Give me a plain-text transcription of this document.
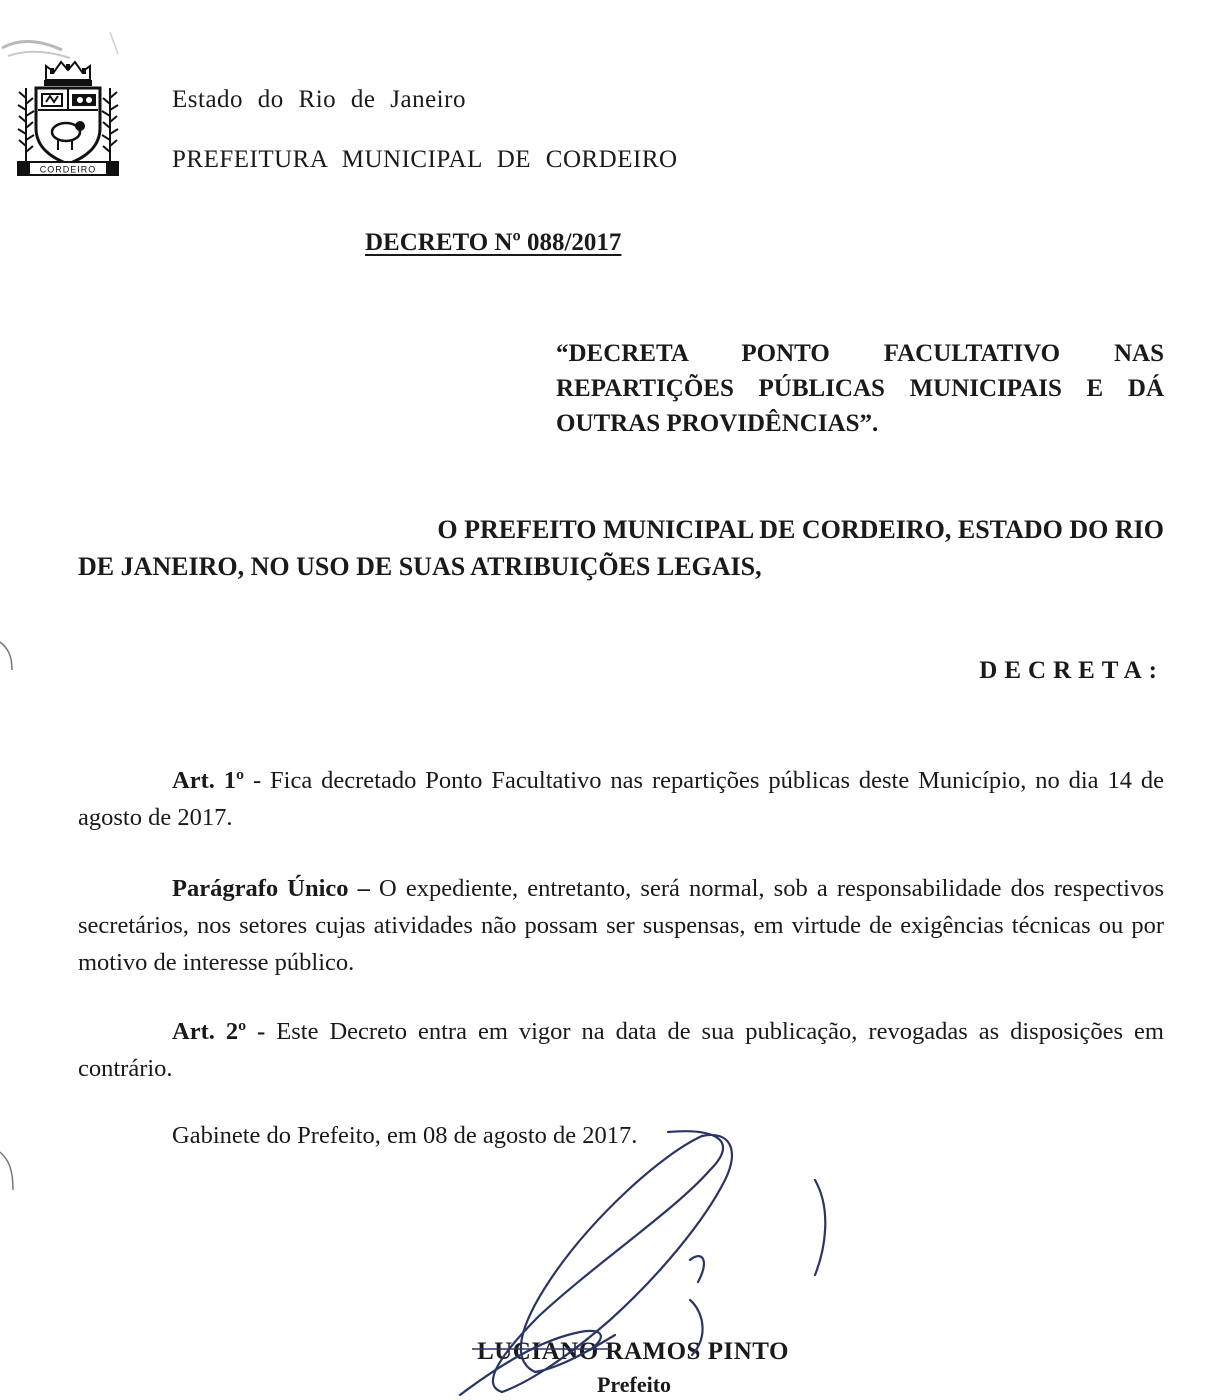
CORDEIRO
Estado do Rio de Janeiro
PREFEITURA MUNICIPAL DE CORDEIRO
DECRETO Nº 088/2017
“DECRETA PONTO FACULTATIVO NAS
REPARTIÇÕES PÚBLICAS MUNICIPAIS E DÁ
OUTRAS PROVIDÊNCIAS”.
O PREFEITO MUNICIPAL DE CORDEIRO, ESTADO DO RIO
DE JANEIRO, NO USO DE SUAS ATRIBUIÇÕES LEGAIS,
DECRETA:
Art. 1º - Fica decretado Ponto Facultativo nas repartições públicas deste Município, no dia 14 de agosto de 2017.
Parágrafo Único – O expediente, entretanto, será normal, sob a responsabilidade dos respectivos secretários, nos setores cujas atividades não possam ser suspensas, em virtude de exigências técnicas ou por motivo de interesse público.
Art. 2º - Este Decreto entra em vigor na data de sua publicação, revogadas as disposições em contrário.
Gabinete do Prefeito, em 08 de agosto de 2017.
LUCIANO RAMOS PINTO
Prefeito
